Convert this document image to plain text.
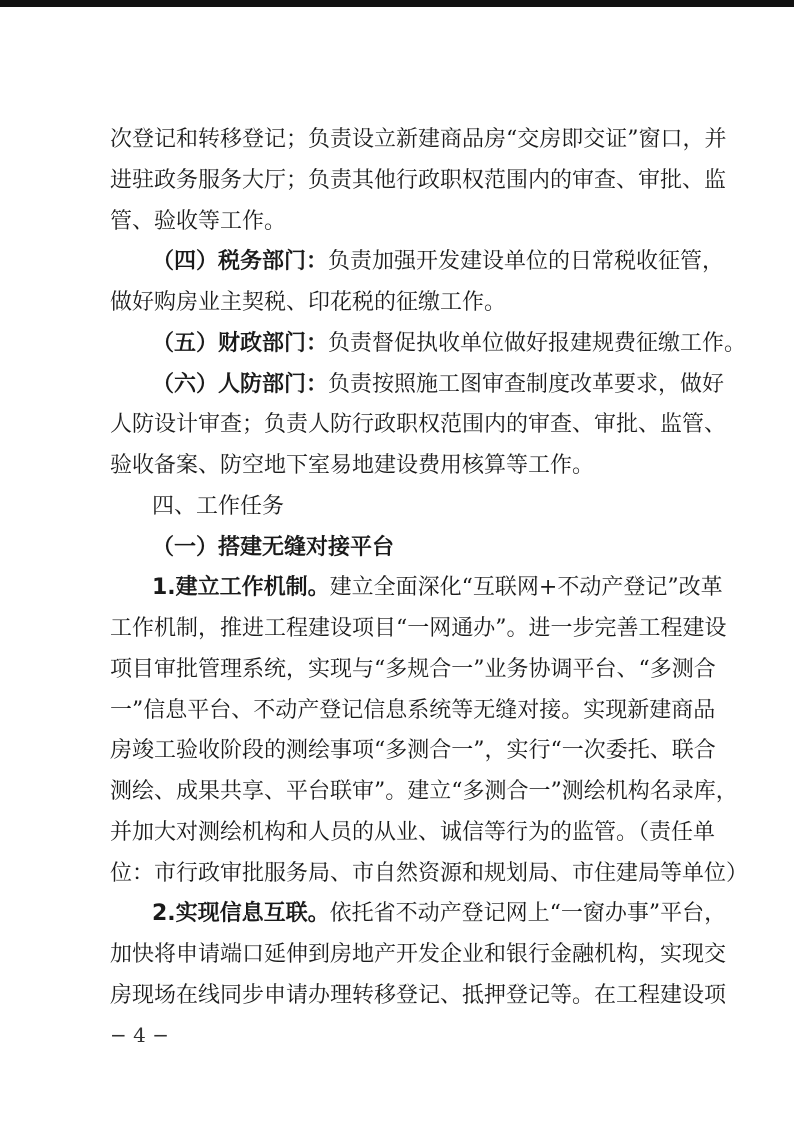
次登记和转移登记；负责设立新建商品房“交房即交证”窗口，并
进驻政务服务大厅；负责其他行政职权范围内的审查、审批、监
管、验收等工作。
（四）税务部门：负责加强开发建设单位的日常税收征管，
做好购房业主契税、印花税的征缴工作。
（五）财政部门：负责督促执收单位做好报建规费征缴工作。
（六）人防部门：负责按照施工图审查制度改革要求，做好
人防设计审查；负责人防行政职权范围内的审查、审批、监管、
验收备案、防空地下室易地建设费用核算等工作。
四、工作任务
（一）搭建无缝对接平台
1.建立工作机制。建立全面深化“互联网+不动产登记”改革
工作机制，推进工程建设项目“一网通办”。进一步完善工程建设
项目审批管理系统，实现与“多规合一”业务协调平台、“多测合
一”信息平台、不动产登记信息系统等无缝对接。实现新建商品
房竣工验收阶段的测绘事项“多测合一”，实行“一次委托、联合
测绘、成果共享、平台联审”。建立“多测合一”测绘机构名录库，
并加大对测绘机构和人员的从业、诚信等行为的监管。（责任单
位：市行政审批服务局、市自然资源和规划局、市住建局等单位）
2.实现信息互联。依托省不动产登记网上“一窗办事”平台，
加快将申请端口延伸到房地产开发企业和银行金融机构，实现交
房现场在线同步申请办理转移登记、抵押登记等。在工程建设项
− 4 −
